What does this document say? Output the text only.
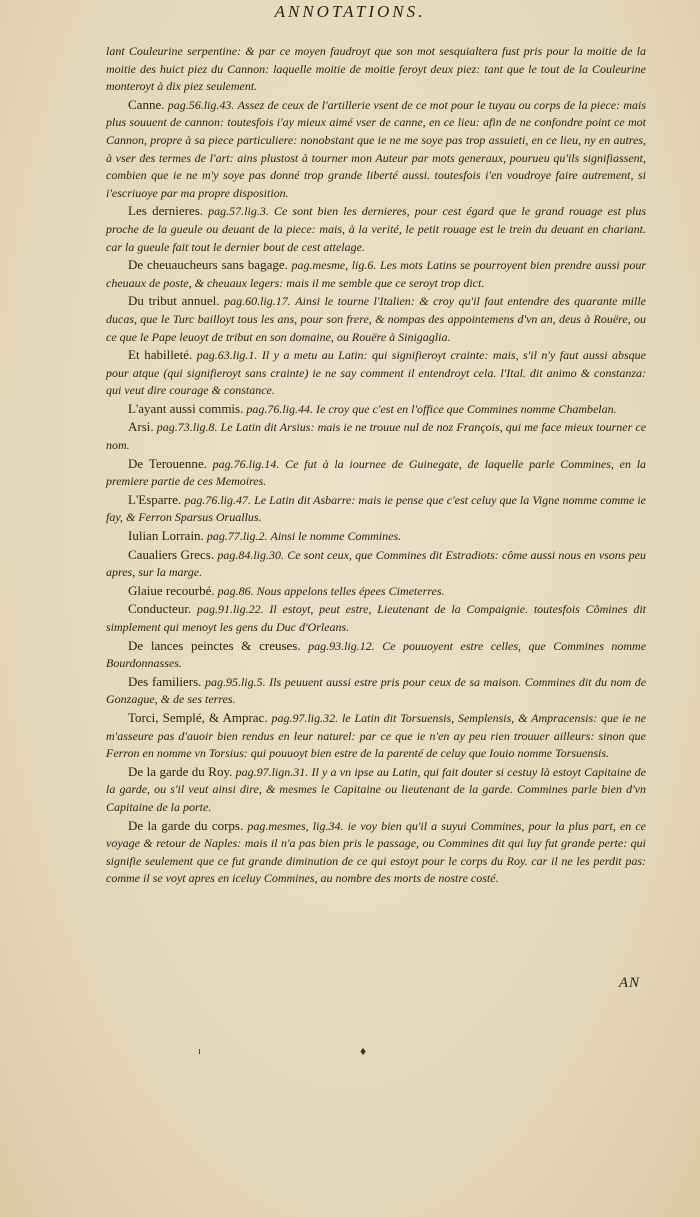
ANNOTATIONS.

lant Couleurine serpentine: & par ce moyen faudroyt que son mot sesquialtera fust pris pour la moitie de la moitie des huict piez du Cannon: laquelle moitie de moitie feroyt deux piez: tant que le tout de la Couleurine monteroyt à dix piez seulement.

Canne. pag.56.lig.43. Assez de ceux de l'artillerie vsent de ce mot pour le tuyau ou corps de la piece: mais plus souuent de cannon: toutesfois i'ay mieux aimé vser de canne, en ce lieu: afin de ne confondre point ce mot Cannon, propre à sa piece particuliere: nonobstant que ie ne me soye pas trop assuieti, en ce lieu, ny en autres, à vser des termes de l'art: ains plustost à tourner mon Auteur par mots generaux, pourueu qu'ils signifiassent, combien que ie ne m'y soye pas donné trop grande liberté aussi. toutesfois i'en voudroye faire autrement, si i'escriuoye par ma propre disposition.

Les dernieres. pag.57.lig.3. Ce sont bien les dernieres, pour cest égard que le grand rouage est plus proche de la gueule ou deuant de la piece: mais, à la verité, le petit rouage est le trein du deuant en chariant. car la gueule fait tout le dernier bout de cest attelage.

De cheuaucheurs sans bagage. pag.mesme, lig.6. Les mots Latins se pourroyent bien prendre aussi pour cheuaux de poste, & cheuaux legers: mais il me semble que ce seroyt trop dict.

Du tribut annuel. pag.60.lig.17. Ainsi le tourne l'Italien: & croy qu'il faut entendre des quarante mille ducas, que le Turc bailloyt tous les ans, pour son frere, & nompas des appointemens d'vn an, deus à Rouëre, ou ce que le Pape leuoyt de tribut en son domaine, ou Rouëre à Sinigaglia.

Et habilleté. pag.63.lig.1. Il y a metu au Latin: qui signifieroyt crainte: mais, s'il n'y faut aussi absque pour atque (qui signifieroyt sans crainte) ie ne say comment il entendroyt cela. l'Ital. dit animo & constanza: qui veut dire courage & constance.

L'ayant aussi commis. pag.76.lig.44. Ie croy que c'est en l'office que Commines nomme Chambelan.

Arsi. pag.73.lig.8. Le Latin dit Arsius: mais ie ne trouue nul de noz François, qui me face mieux tourner ce nom.

De Terouenne. pag.76.lig.14. Ce fut à la iournee de Guinegate, de laquelle parle Commines, en la premiere partie de ces Memoires.

L'Esparre. pag.76.lig.47. Le Latin dit Asbarre: mais ie pense que c'est celuy que la Vigne nomme comme ie fay, & Ferron Sparsus Oruallus.

Iulian Lorrain. pag.77.lig.2. Ainsi le nomme Commines.

Caualiers Grecs. pag.84.lig.30. Ce sont ceux, que Commines dit Estradiots: côme aussi nous en vsons peu apres, sur la marge.

Glaiue recourbé. pag.86. Nous appelons telles épees Cimeterres.

Conducteur. pag.91.lig.22. Il estoyt, peut estre, Lieutenant de la Compaignie. toutesfois Cõmines dit simplement qui menoyt les gens du Duc d'Orleans.

De lances peinctes & creuses. pag.93.lig.12. Ce pouuoyent estre celles, que Commines nomme Bourdonnasses.

Des familiers. pag.95.lig.5. Ils peuuent aussi estre pris pour ceux de sa maison. Commines dit du nom de Gonzague, & de ses terres.

Torci, Semplé, & Amprac. pag.97.lig.32. le Latin dit Torsuensis, Semplensis, & Ampracensis: que ie ne m'asseure pas d'auoir bien rendus en leur naturel: par ce que ie n'en ay peu rien trouuer ailleurs: sinon que Ferron en nomme vn Torsius: qui pouuoyt bien estre de la parenté de celuy que Iouio nomme Torsuensis.

De la garde du Roy. pag.97.lign.31. Il y a vn ipse au Latin, qui fait douter si cestuy là estoyt Capitaine de la garde, ou s'il veut ainsi dire, & mesmes le Capitaine ou lieutenant de la garde. Commines parle bien d'vn Capitaine de la porte.

De la garde du corps. pag.mesmes, lig.34. ie voy bien qu'il a suyui Commines, pour la plus part, en ce voyage & retour de Naples: mais il n'a pas bien pris le passage, ou Commines dit qui luy fut grande perte: qui signifie seulement que ce fut grande diminution de ce qui estoyt pour le corps du Roy. car il ne les perdit pas: comme il se voyt apres en iceluy Commines, au nombre des morts de nostre costé.

AN
ı	♦
